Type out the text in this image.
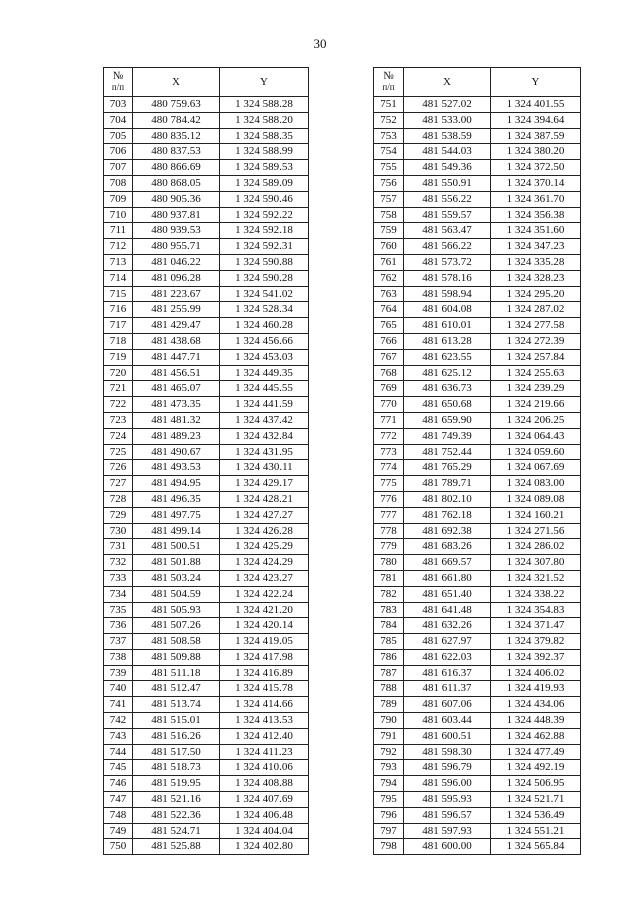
30
№
п/п	X	Y
703	480 759.63	1 324 588.28
704	480 784.42	1 324 588.20
705	480 835.12	1 324 588.35
706	480 837.53	1 324 588.99
707	480 866.69	1 324 589.53
708	480 868.05	1 324 589.09
709	480 905.36	1 324 590.46
710	480 937.81	1 324 592.22
711	480 939.53	1 324 592.18
712	480 955.71	1 324 592.31
713	481 046.22	1 324 590.88
714	481 096.28	1 324 590.28
715	481 223.67	1 324 541.02
716	481 255.99	1 324 528.34
717	481 429.47	1 324 460.28
718	481 438.68	1 324 456.66
719	481 447.71	1 324 453.03
720	481 456.51	1 324 449.35
721	481 465.07	1 324 445.55
722	481 473.35	1 324 441.59
723	481 481.32	1 324 437.42
724	481 489.23	1 324 432.84
725	481 490.67	1 324 431.95
726	481 493.53	1 324 430.11
727	481 494.95	1 324 429.17
728	481 496.35	1 324 428.21
729	481 497.75	1 324 427.27
730	481 499.14	1 324 426.28
731	481 500.51	1 324 425.29
732	481 501.88	1 324 424.29
733	481 503.24	1 324 423.27
734	481 504.59	1 324 422.24
735	481 505.93	1 324 421.20
736	481 507.26	1 324 420.14
737	481 508.58	1 324 419.05
738	481 509.88	1 324 417.98
739	481 511.18	1 324 416.89
740	481 512.47	1 324 415.78
741	481 513.74	1 324 414.66
742	481 515.01	1 324 413.53
743	481 516.26	1 324 412.40
744	481 517.50	1 324 411.23
745	481 518.73	1 324 410.06
746	481 519.95	1 324 408.88
747	481 521.16	1 324 407.69
748	481 522.36	1 324 406.48
749	481 524.71	1 324 404.04
750	481 525.88	1 324 402.80
№
п/п	X	Y
751	481 527.02	1 324 401.55
752	481 533.00	1 324 394.64
753	481 538.59	1 324 387.59
754	481 544.03	1 324 380.20
755	481 549.36	1 324 372.50
756	481 550.91	1 324 370.14
757	481 556.22	1 324 361.70
758	481 559.57	1 324 356.38
759	481 563.47	1 324 351.60
760	481 566.22	1 324 347.23
761	481 573.72	1 324 335.28
762	481 578.16	1 324 328.23
763	481 598.94	1 324 295.20
764	481 604.08	1 324 287.02
765	481 610.01	1 324 277.58
766	481 613.28	1 324 272.39
767	481 623.55	1 324 257.84
768	481 625.12	1 324 255.63
769	481 636.73	1 324 239.29
770	481 650.68	1 324 219.66
771	481 659.90	1 324 206.25
772	481 749.39	1 324 064.43
773	481 752.44	1 324 059.60
774	481 765.29	1 324 067.69
775	481 789.71	1 324 083.00
776	481 802.10	1 324 089.08
777	481 762.18	1 324 160.21
778	481 692.38	1 324 271.56
779	481 683.26	1 324 286.02
780	481 669.57	1 324 307.80
781	481 661.80	1 324 321.52
782	481 651.40	1 324 338.22
783	481 641.48	1 324 354.83
784	481 632.26	1 324 371.47
785	481 627.97	1 324 379.82
786	481 622.03	1 324 392.37
787	481 616.37	1 324 406.02
788	481 611.37	1 324 419.93
789	481 607.06	1 324 434.06
790	481 603.44	1 324 448.39
791	481 600.51	1 324 462.88
792	481 598.30	1 324 477.49
793	481 596.79	1 324 492.19
794	481 596.00	1 324 506.95
795	481 595.93	1 324 521.71
796	481 596.57	1 324 536.49
797	481 597.93	1 324 551.21
798	481 600.00	1 324 565.84
